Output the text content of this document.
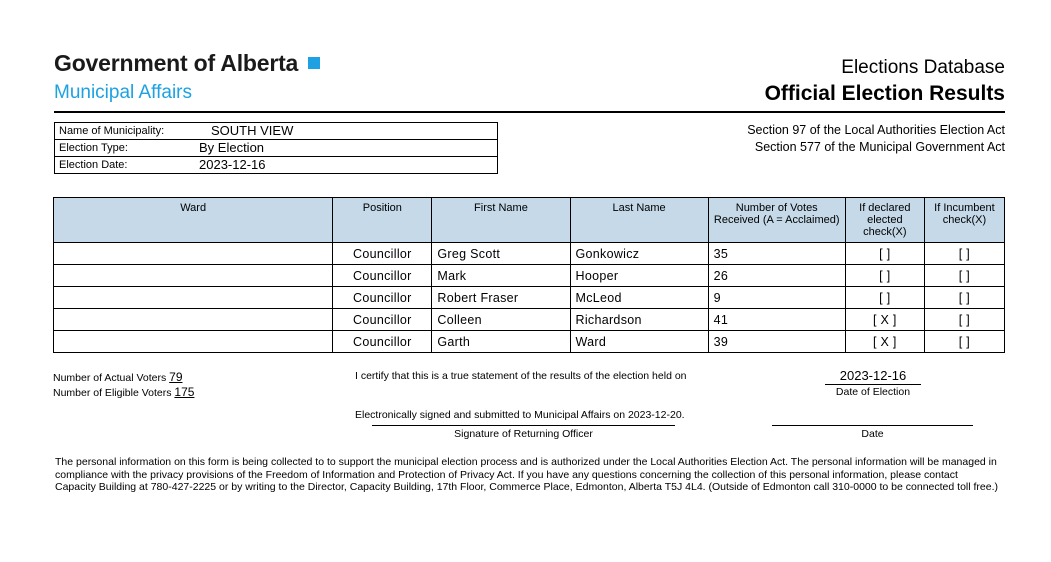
Government of Alberta
Municipal Affairs
Elections Database
Official Election Results
Name of Municipality:	SOUTH VIEW
Election Type:	By Election
Election Date:	2023-12-16
Section 97 of the Local Authorities Election Act
Section 577 of the Municipal Government Act
Ward	Position	First Name	Last Name	Number of Votes Received (A = Acclaimed)	If declared elected check(X)	If Incumbent check(X)
	Councillor	Greg Scott	Gonkowicz	35	[ ]	[ ]
	Councillor	Mark	Hooper	26	[ ]	[ ]
	Councillor	Robert Fraser	McLeod	9	[ ]	[ ]
	Councillor	Colleen	Richardson	41	[ X ]	[ ]
	Councillor	Garth	Ward	39	[ X ]	[ ]
Number of Actual Voters 79
Number of Eligible Voters 175
I certify that this is a true statement of the results of the election held on	2023-12-16
Date of Election
Electronically signed and submitted to Municipal Affairs on 2023-12-20.
Signature of Returning Officer	Date
The personal information on this form is being collected to to support the municipal election process and is authorized under the Local Authorities Election Act. The personal information will be managed in compliance with the privacy provisions of the Freedom of Information and Protection of Privacy Act. If you have any questions concerning the collection of this personal information, please contact Capacity Building at 780-427-2225 or by writing to the Director, Capacity Building, 17th Floor, Commerce Place, Edmonton, Alberta T5J 4L4. (Outside of Edmonton call 310-0000 to be connected toll free.)
